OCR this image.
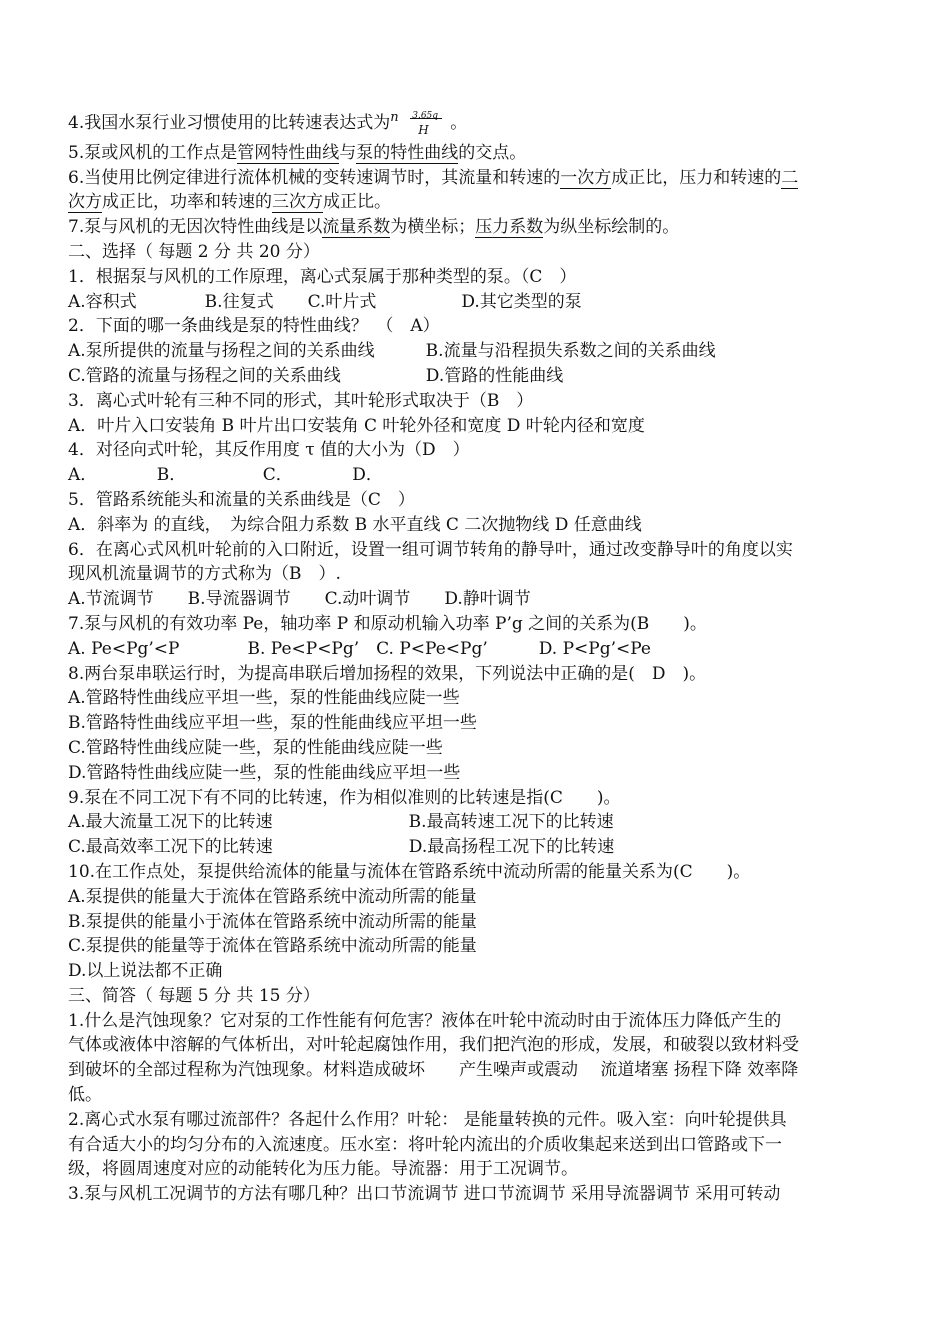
4.我国水泵行业习惯使用的比转速表达式为 n 3.65q
H 。
5.泵或风机的工作点是管网特性曲线与泵的特性曲线的交点。
6.当使用比例定律进行流体机械的变转速调节时，其流量和转速的一次方成正比，压力和转速的二
次方成正比，功率和转速的三次方成正比。
7.泵与风机的无因次特性曲线是以流量系数为横坐标；压力系数为纵坐标绘制的。
二、选择（ 每题 2 分 共 20 分）
1．根据泵与风机的工作原理，离心式泵属于那种类型的泵。（C　）
A.容积式　　　　B.往复式　　C.叶片式　　　　　D.其它类型的泵
2．下面的哪一条曲线是泵的特性曲线？　（　A）
A.泵所提供的流量与扬程之间的关系曲线　　　B.流量与沿程损失系数之间的关系曲线
C.管路的流量与扬程之间的关系曲线　　　　　D.管路的性能曲线
3．离心式叶轮有三种不同的形式，其叶轮形式取决于（B　）
A．叶片入口安装角 B 叶片出口安装角 C 叶轮外径和宽度 D 叶轮内径和宽度
4．对径向式叶轮，其反作用度 τ 值的大小为（D　）
A．　　　　B．　　　　　C．　　　　D．
5．管路系统能头和流量的关系曲线是（C　）
A．斜率为 的直线，　为综合阻力系数 B 水平直线 C 二次抛物线 D 任意曲线
6．在离心式风机叶轮前的入口附近，设置一组可调节转角的静导叶，通过改变静导叶的角度以实
现风机流量调节的方式称为（B　）.
A.节流调节　　B.导流器调节　　C.动叶调节　　D.静叶调节
7.泵与风机的有效功率 Pe，轴功率 P 和原动机输入功率 P’g 之间的关系为(B　　)。
A. Pe<Pg’<P　　　　B. Pe<P<Pg’　C. P<Pe<Pg’　　　D. P<Pg’<Pe
8.两台泵串联运行时，为提高串联后增加扬程的效果，下列说法中正确的是(　D　)。
A.管路特性曲线应平坦一些，泵的性能曲线应陡一些
B.管路特性曲线应平坦一些，泵的性能曲线应平坦一些
C.管路特性曲线应陡一些，泵的性能曲线应陡一些
D.管路特性曲线应陡一些，泵的性能曲线应平坦一些
9.泵在不同工况下有不同的比转速，作为相似准则的比转速是指(C　　)。
A.最大流量工况下的比转速　　　　　　　　B.最高转速工况下的比转速
C.最高效率工况下的比转速　　　　　　　　D.最高扬程工况下的比转速
10.在工作点处，泵提供给流体的能量与流体在管路系统中流动所需的能量关系为(C　　)。
A.泵提供的能量大于流体在管路系统中流动所需的能量
B.泵提供的能量小于流体在管路系统中流动所需的能量
C.泵提供的能量等于流体在管路系统中流动所需的能量
D.以上说法都不正确
三、简答（ 每题 5 分 共 15 分）
1.什么是汽蚀现象？它对泵的工作性能有何危害？液体在叶轮中流动时由于流体压力降低产生的
气体或液体中溶解的气体析出，对叶轮起腐蚀作用，我们把汽泡的形成，发展，和破裂以致材料受
到破坏的全部过程称为汽蚀现象。材料造成破坏　　产生噪声或震动　 流道堵塞 扬程下降 效率降
低。
2.离心式水泵有哪过流部件？各起什么作用？叶轮： 是能量转换的元件。吸入室：向叶轮提供具
有合适大小的均匀分布的入流速度。压水室：将叶轮内流出的介质收集起来送到出口管路或下一
级，将圆周速度对应的动能转化为压力能。导流器：用于工况调节。
3.泵与风机工况调节的方法有哪几种？出口节流调节 进口节流调节 采用导流器调节 采用可转动
